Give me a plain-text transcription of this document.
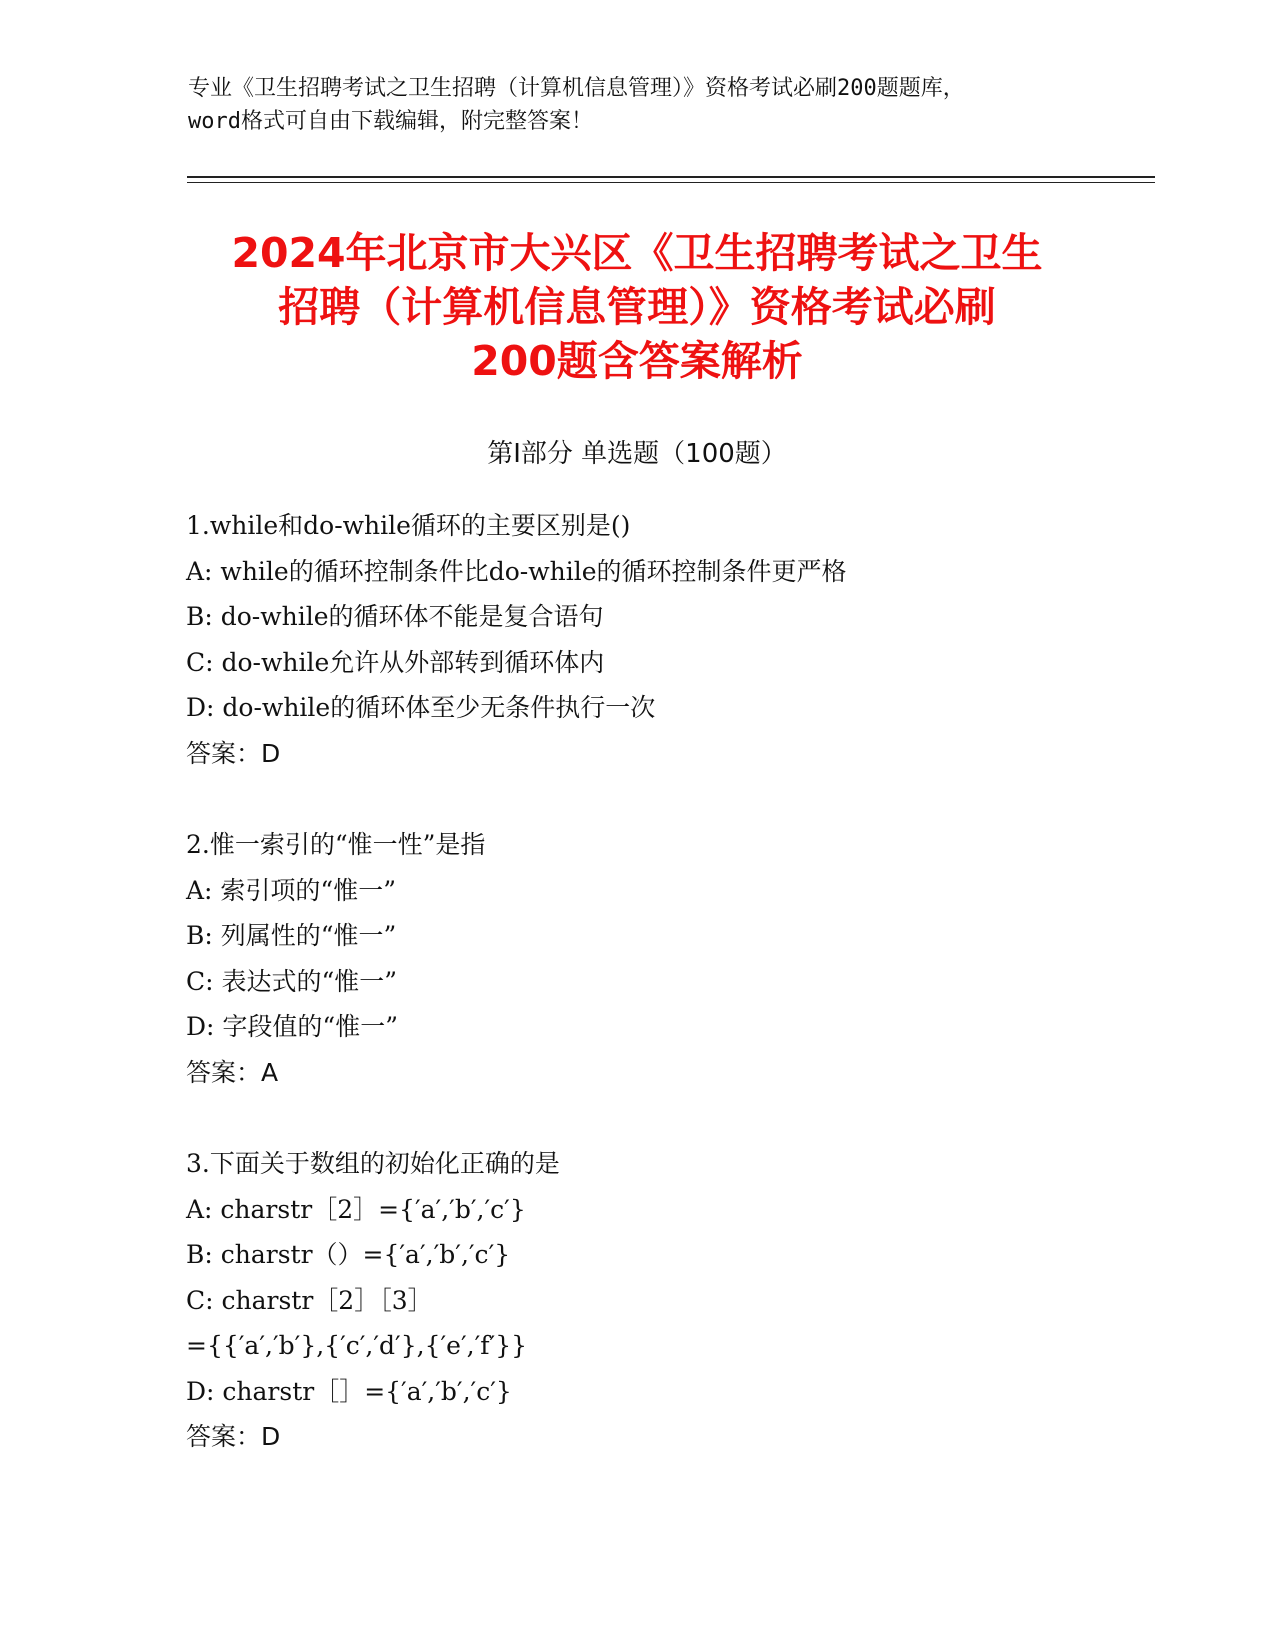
专业《卫生招聘考试之卫生招聘（计算机信息管理）》资格考试必刷200题题库，
word格式可自由下载编辑，附完整答案！
2024年北京市大兴区《卫生招聘考试之卫生
招聘（计算机信息管理）》资格考试必刷
200题含答案解析
第Ⅰ部分 单选题（100题）
1.while和do-while循环的主要区别是()
A: while的循环控制条件比do-while的循环控制条件更严格
B: do-while的循环体不能是复合语句
C: do-while允许从外部转到循环体内
D: do-while的循环体至少无条件执行一次
答案：D
2.惟一索引的“惟一性”是指
A: 索引项的“惟一”
B: 列属性的“惟一”
C: 表达式的“惟一”
D: 字段值的“惟一”
答案：A
3.下面关于数组的初始化正确的是
A: charstr［2］={′a′,′b′,′c′}
B: charstr（）={′a′,′b′,′c′}
C: charstr［2］［3］
={{′a′,′b′},{′c′,′d′},{′e′,′f′}}
D: charstr［］={′a′,′b′,′c′}
答案：D
